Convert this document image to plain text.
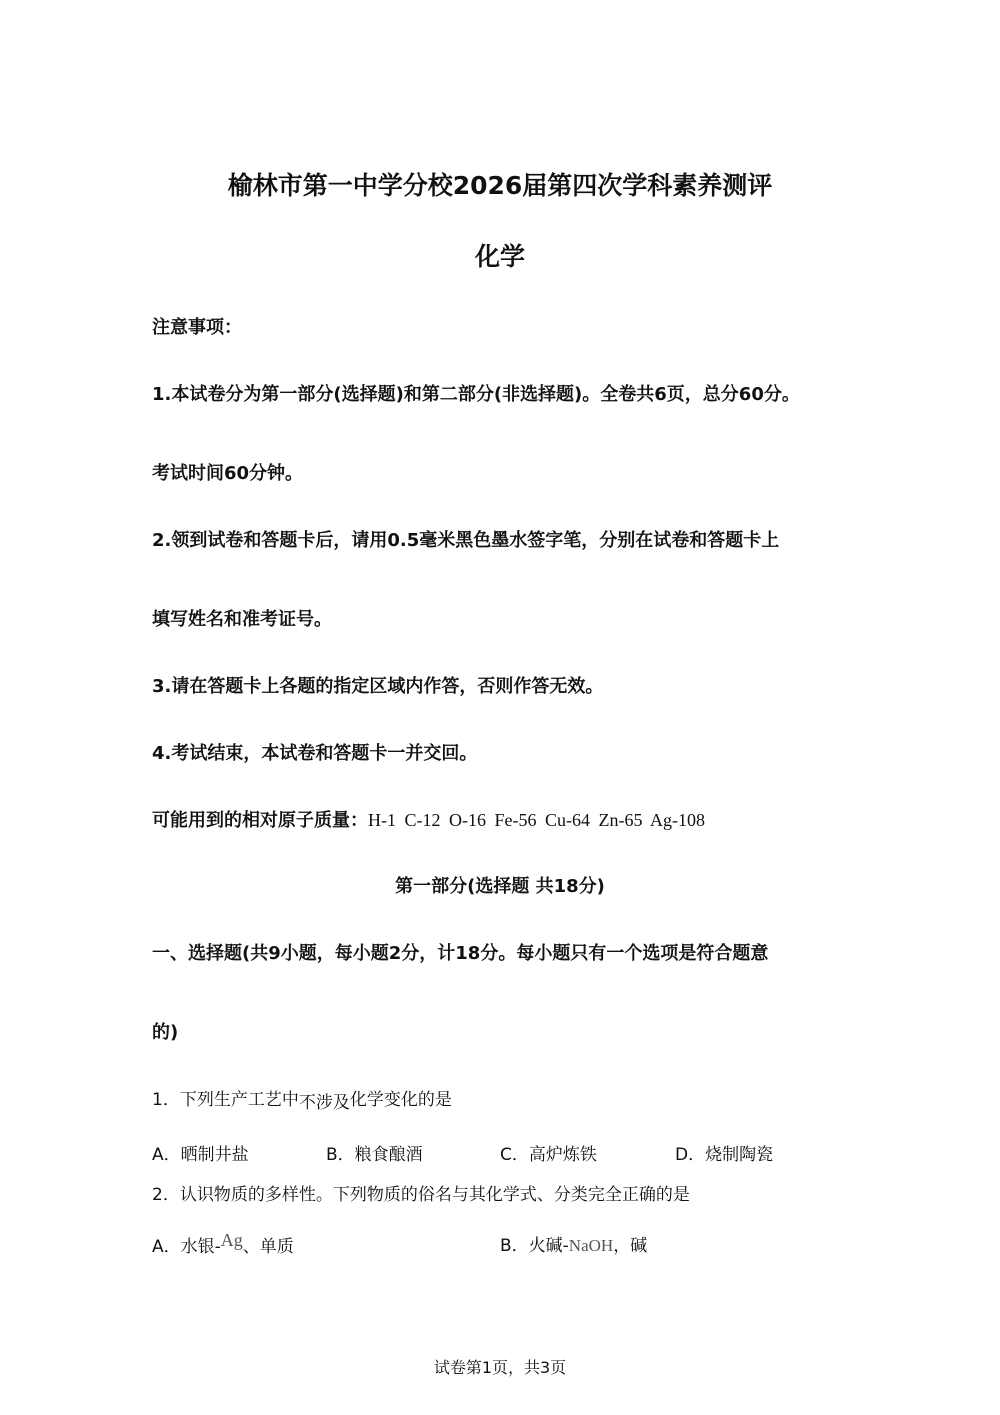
榆林市第一中学分校2026届第四次学科素养测评
化学
注意事项：
1.本试卷分为第一部分(选择题)和第二部分(非选择题)。全卷共6页，总分60分。
考试时间60分钟。
2.领到试卷和答题卡后，请用0.5毫米黑色墨水签字笔，分别在试卷和答题卡上
填写姓名和准考证号。
3.请在答题卡上各题的指定区域内作答，否则作答无效。
4.考试结束，本试卷和答题卡一并交回。
可能用到的相对原子质量：H-1 C-12 O-16 Fe-56 Cu-64 Zn-65 Ag-108
第一部分(选择题 共18分)
一、选择题(共9小题，每小题2分，计18分。每小题只有一个选项是符合题意
的)
1．下列生产工艺中不涉及化学变化的是
A．晒制井盐	B．粮食酿酒	C．高炉炼铁	D．烧制陶瓷
2．认识物质的多样性。下列物质的俗名与其化学式、分类完全正确的是
A．水银-Ag、单质	B．火碱-NaOH，碱
试卷第1页，共3页
